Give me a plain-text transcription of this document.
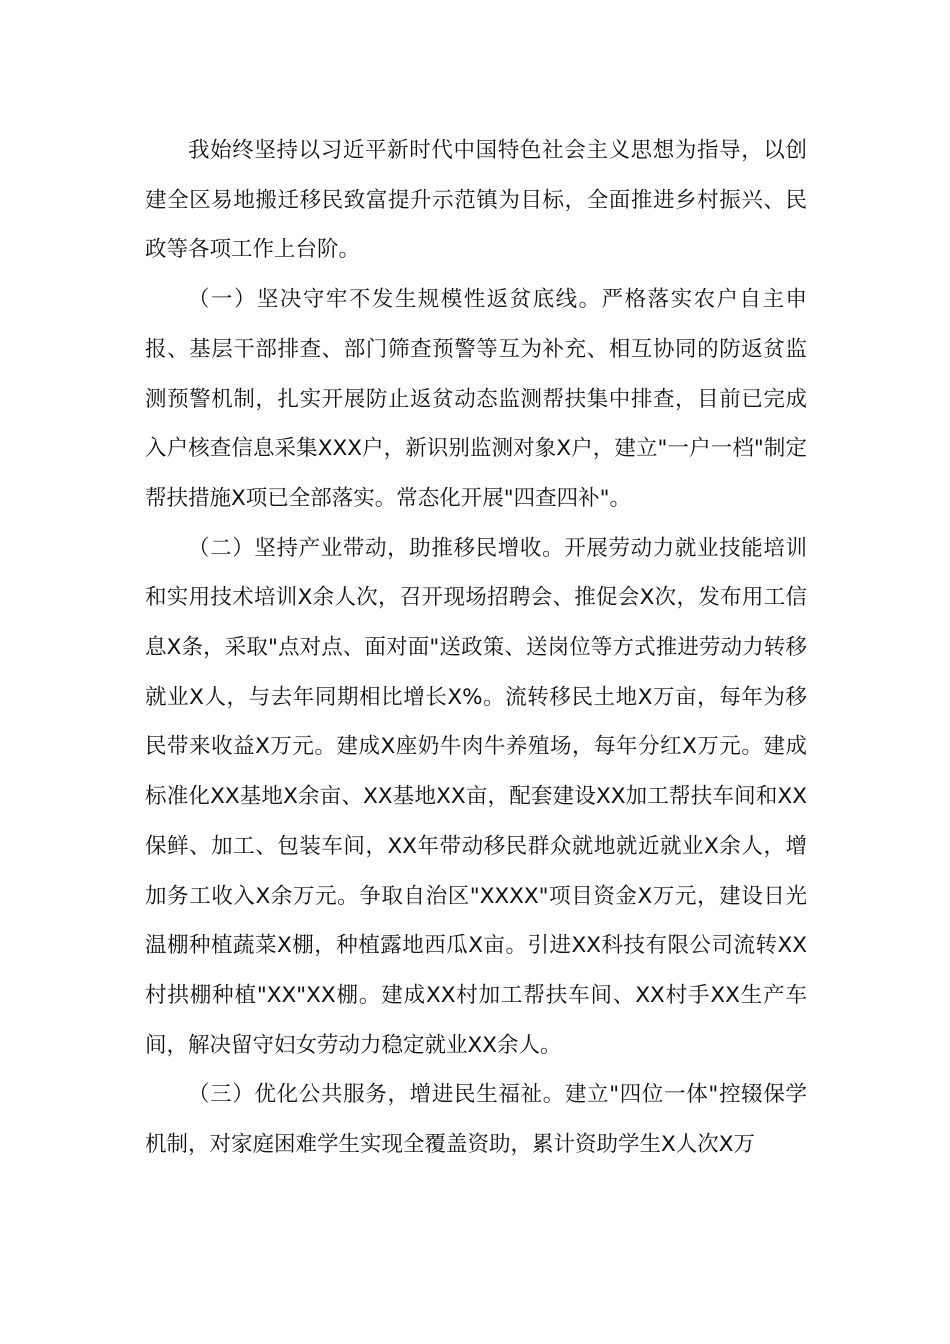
我始终坚持以习近平新时代中国特色社会主义思想为指导，以创建全区易地搬迁移民致富提升示范镇为目标，全面推进乡村振兴、民政等各项工作上台阶。

（一）坚决守牢不发生规模性返贫底线。严格落实农户自主申报、基层干部排查、部门筛查预警等互为补充、相互协同的防返贫监测预警机制，扎实开展防止返贫动态监测帮扶集中排查，目前已完成入户核查信息采集XXX户，新识别监测对象X户，建立"一户一档"制定帮扶措施X项已全部落实。常态化开展"四查四补"。

（二）坚持产业带动，助推移民增收。开展劳动力就业技能培训和实用技术培训X余人次，召开现场招聘会、推促会X次，发布用工信息X条，采取"点对点、面对面"送政策、送岗位等方式推进劳动力转移就业X人，与去年同期相比增长X%。流转移民土地X万亩，每年为移民带来收益X万元。建成X座奶牛肉牛养殖场，每年分红X万元。建成标准化XX基地X余亩、XX基地XX亩，配套建设XX加工帮扶车间和XX保鲜、加工、包装车间，XX年带动移民群众就地就近就业X余人，增加务工收入X余万元。争取自治区"XXXX"项目资金X万元，建设日光温棚种植蔬菜X棚，种植露地西瓜X亩。引进XX科技有限公司流转XX村拱棚种植"XX"XX棚。建成XX村加工帮扶车间、XX村手XX生产车间，解决留守妇女劳动力稳定就业XX余人。

（三）优化公共服务，增进民生福祉。建立"四位一体"控辍保学机制，对家庭困难学生实现全覆盖资助，累计资助学生X人次X万
